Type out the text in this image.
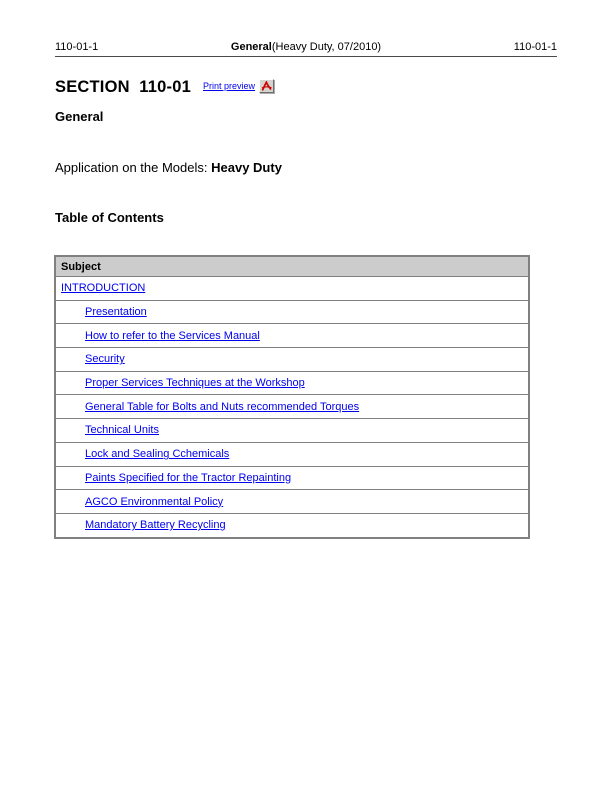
110-01-1	General(Heavy Duty, 07/2010)	110-01-1
SECTION  110-01 Print preview
General

Application on the Models: Heavy Duty

Table of Contents
Subject
INTRODUCTION
Presentation
How to refer to the Services Manual
Security
Proper Services Techniques at the Workshop
General Table for Bolts and Nuts recommended Torques
Technical Units
Lock and Sealing Cchemicals
Paints Specified for the Tractor Repainting
AGCO Environmental Policy
Mandatory Battery Recycling
